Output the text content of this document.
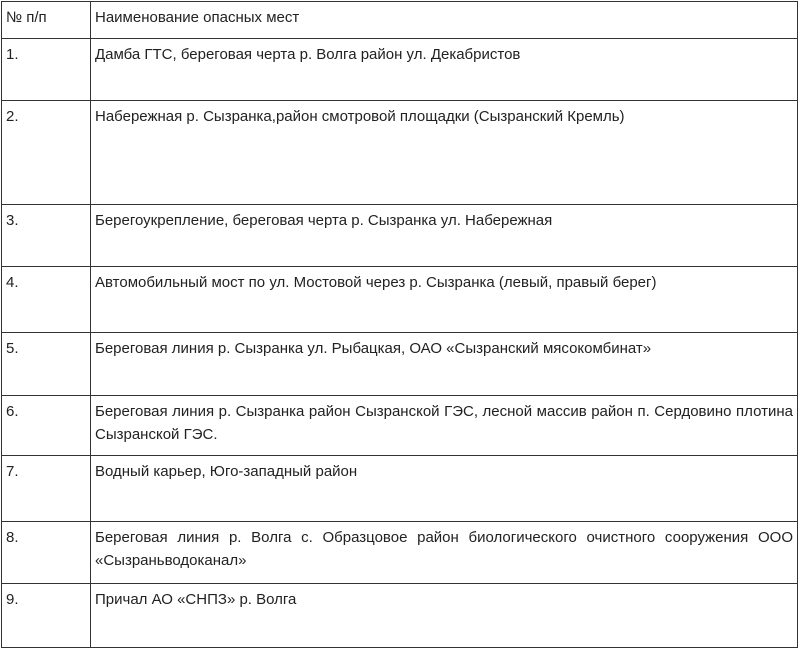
№ п/п	Наименование опасных мест
1.	Дамба ГТС, береговая черта р. Волга район ул. Декабристов
2.	Набережная р. Сызранка,район смотровой площадки (Сызранский Кремль)
3.	Берегоукрепление, береговая черта р. Сызранка ул. Набережная
4.	Автомобильный мост по ул. Мостовой через р. Сызранка (левый, правый берег)
5.	Береговая линия р. Сызранка ул. Рыбацкая, ОАО «Сызранский мясокомбинат»
6.	Береговая линия р. Сызранка район Сызранской ГЭС, лесной массив район п. Сердовино плотина Сызранской ГЭС.
7.	Водный карьер, Юго-западный район
8.	Береговая линия р. Волга с. Образцовое район биологического очистного сооружения ООО «Сызраньводоканал»
9.	Причал АО «СНПЗ» р. Волга
